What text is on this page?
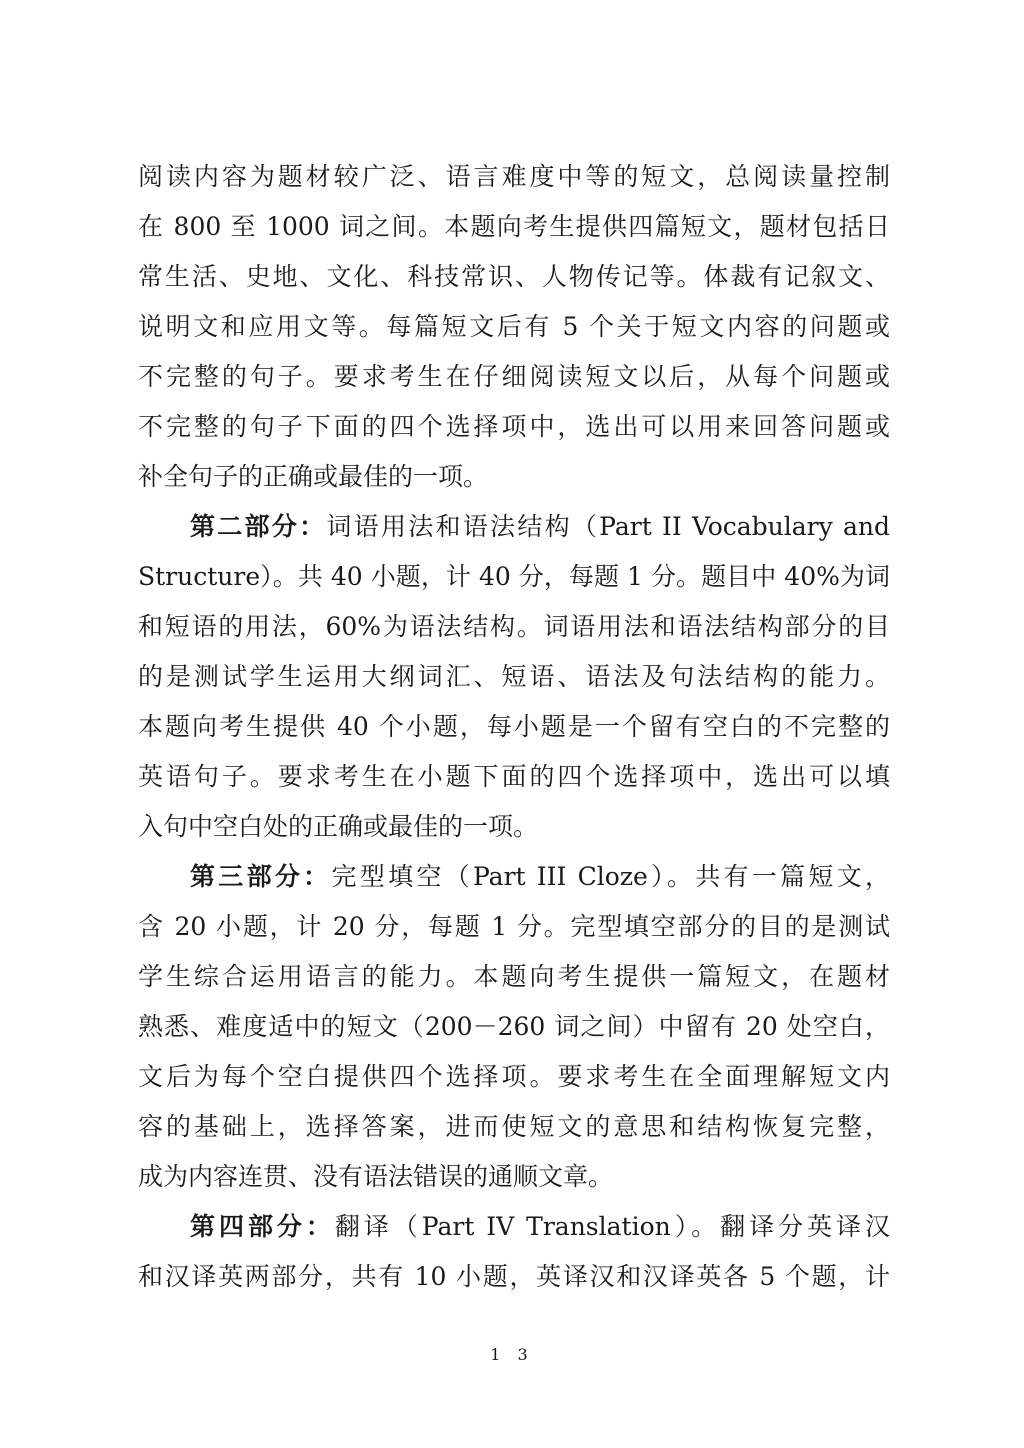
阅读内容为题材较广泛、语言难度中等的短文，总阅读量控制
在 800 至 1000 词之间。本题向考生提供四篇短文，题材包括日
常生活、史地、文化、科技常识、人物传记等。体裁有记叙文、
说明文和应用文等。每篇短文后有 5 个关于短文内容的问题或
不完整的句子。要求考生在仔细阅读短文以后，从每个问题或
不完整的句子下面的四个选择项中，选出可以用来回答问题或
补全句子的正确或最佳的一项。
第二部分：词语用法和语法结构（Part II Vocabulary and
Structure）。共 40 小题，计 40 分，每题 1 分。题目中 40%为词
和短语的用法，60%为语法结构。词语用法和语法结构部分的目
的是测试学生运用大纲词汇、短语、语法及句法结构的能力。
本题向考生提供 40 个小题，每小题是一个留有空白的不完整的
英语句子。要求考生在小题下面的四个选择项中，选出可以填
入句中空白处的正确或最佳的一项。
第三部分：完型填空（Part III Cloze）。共有一篇短文，
含 20 小题，计 20 分，每题 1 分。完型填空部分的目的是测试
学生综合运用语言的能力。本题向考生提供一篇短文，在题材
熟悉、难度适中的短文（200－260 词之间）中留有 20 处空白，
文后为每个空白提供四个选择项。要求考生在全面理解短文内
容的基础上，选择答案，进而使短文的意思和结构恢复完整，
成为内容连贯、没有语法错误的通顺文章。
第四部分：翻译（Part IV Translation）。翻译分英译汉
和汉译英两部分，共有 10 小题，英译汉和汉译英各 5 个题，计
1 3
